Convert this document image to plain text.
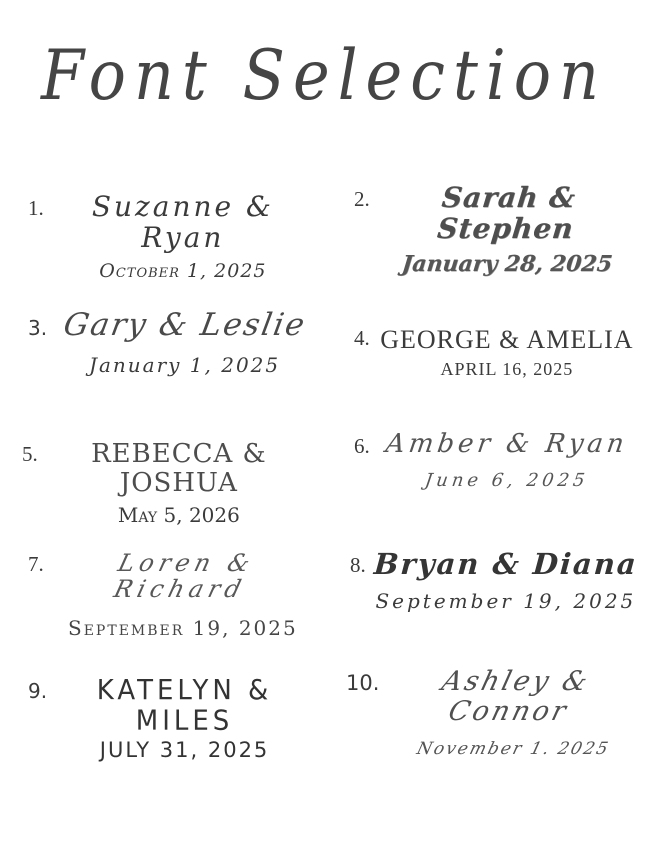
Font Selection
1.	Suzanne & Ryan
October 1, 2025
2.	Sarah & Stephen
January 28, 2025
3. Gary & Leslie
January 1, 2025
4. GEORGE & AMELIA
APRIL 16, 2025
5.	REBECCA & JOSHUA
May 5, 2026
6. Amber & Ryan
June 6, 2025
7.	Loren & Richard
September 19, 2025
8. Bryan & Diana
September 19, 2025
9.	KATELYN & MILES
JULY 31, 2025
10.	Ashley & Connor
November 1. 2025
